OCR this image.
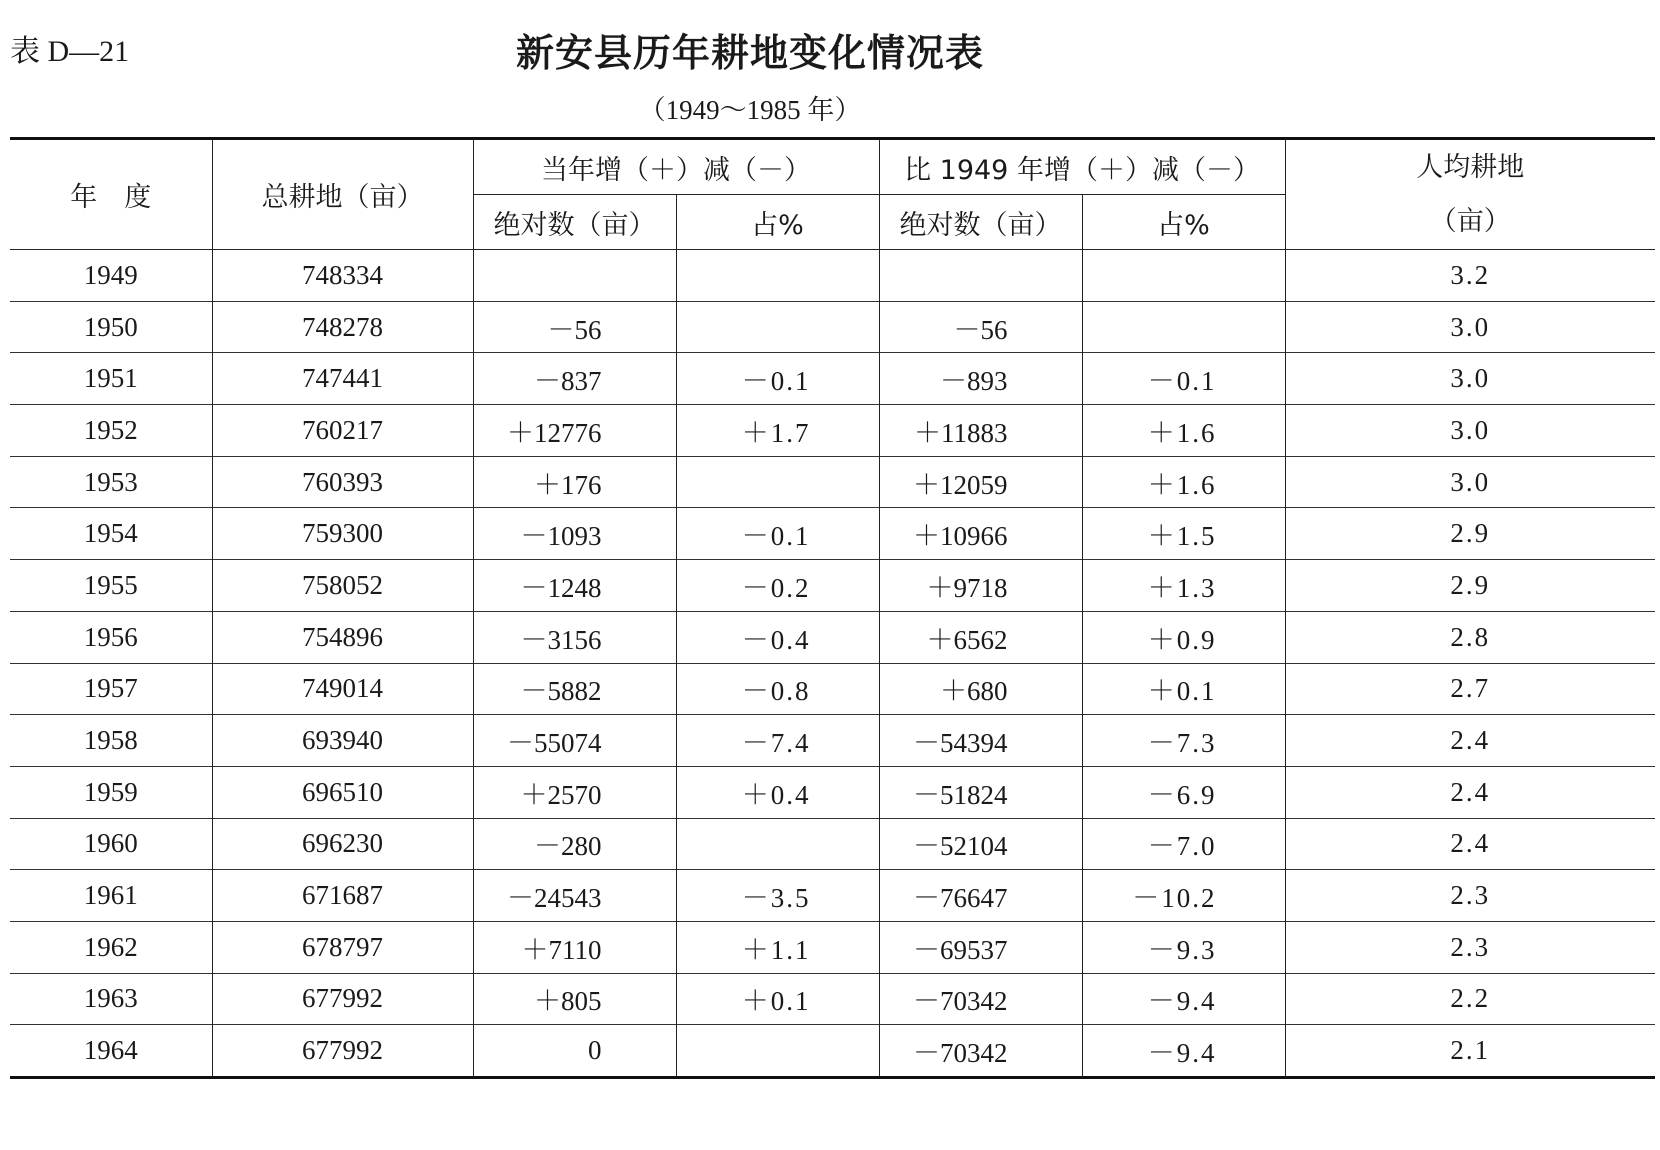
表 D—21	新安县历年耕地变化情况表
（1949～1985 年）
年　度	总耕地（亩）	当年增（＋）减（－）		比 1949 年增（＋）减（－）		人均耕地
（亩）

		绝对数（亩）	占%	绝对数（亩）	占%	
1949	748334					3.2
1950	748278	－56		－56		3.0
1951	747441	－837	－0.1	－893	－0.1	3.0
1952	760217	＋12776	＋1.7	＋11883	＋1.6	3.0
1953	760393	＋176		＋12059	＋1.6	3.0
1954	759300	－1093	－0.1	＋10966	＋1.5	2.9
1955	758052	－1248	－0.2	＋9718	＋1.3	2.9
1956	754896	－3156	－0.4	＋6562	＋0.9	2.8
1957	749014	－5882	－0.8	＋680	＋0.1	2.7
1958	693940	－55074	－7.4	－54394	－7.3	2.4
1959	696510	＋2570	＋0.4	－51824	－6.9	2.4
1960	696230	－280		－52104	－7.0	2.4
1961	671687	－24543	－3.5	－76647	－10.2	2.3
1962	678797	＋7110	＋1.1	－69537	－9.3	2.3
1963	677992	＋805	＋0.1	－70342	－9.4	2.2
1964	677992	0		－70342	－9.4	2.1
